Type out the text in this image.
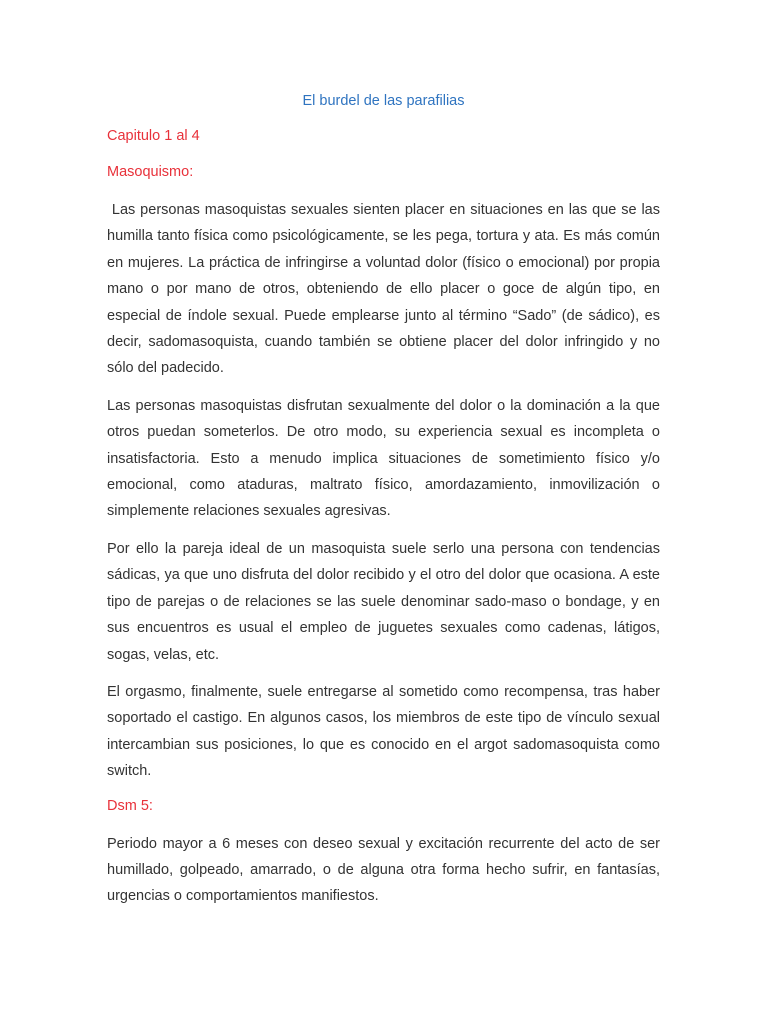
El burdel de las parafilias
Capitulo 1 al 4
Masoquismo:

Las personas masoquistas sexuales sienten placer en situaciones en las que se las humilla tanto física como psicológicamente, se les pega, tortura y ata. Es más común en mujeres. La práctica de infringirse a voluntad dolor (físico o emocional) por propia mano o por mano de otros, obteniendo de ello placer o goce de algún tipo, en especial de índole sexual. Puede emplearse junto al término “Sado” (de sádico), es decir, sadomasoquista, cuando también se obtiene placer del dolor infringido y no sólo del padecido.

Las personas masoquistas disfrutan sexualmente del dolor o la dominación a la que otros puedan someterlos. De otro modo, su experiencia sexual es incompleta o insatisfactoria. Esto a menudo implica situaciones de sometimiento físico y/o emocional, como ataduras, maltrato físico, amordazamiento, inmovilización o simplemente relaciones sexuales agresivas.

Por ello la pareja ideal de un masoquista suele serlo una persona con tendencias sádicas, ya que uno disfruta del dolor recibido y el otro del dolor que ocasiona. A este tipo de parejas o de relaciones se las suele denominar sado-maso o bondage, y en sus encuentros es usual el empleo de juguetes sexuales como cadenas, látigos, sogas, velas, etc.

El orgasmo, finalmente, suele entregarse al sometido como recompensa, tras haber soportado el castigo. En algunos casos, los miembros de este tipo de vínculo sexual intercambian sus posiciones, lo que es conocido en el argot sadomasoquista como switch.

Dsm 5:

Periodo mayor a 6 meses con deseo sexual y excitación recurrente del acto de ser humillado, golpeado, amarrado, o de alguna otra forma hecho sufrir, en fantasías, urgencias o comportamientos manifiestos.
